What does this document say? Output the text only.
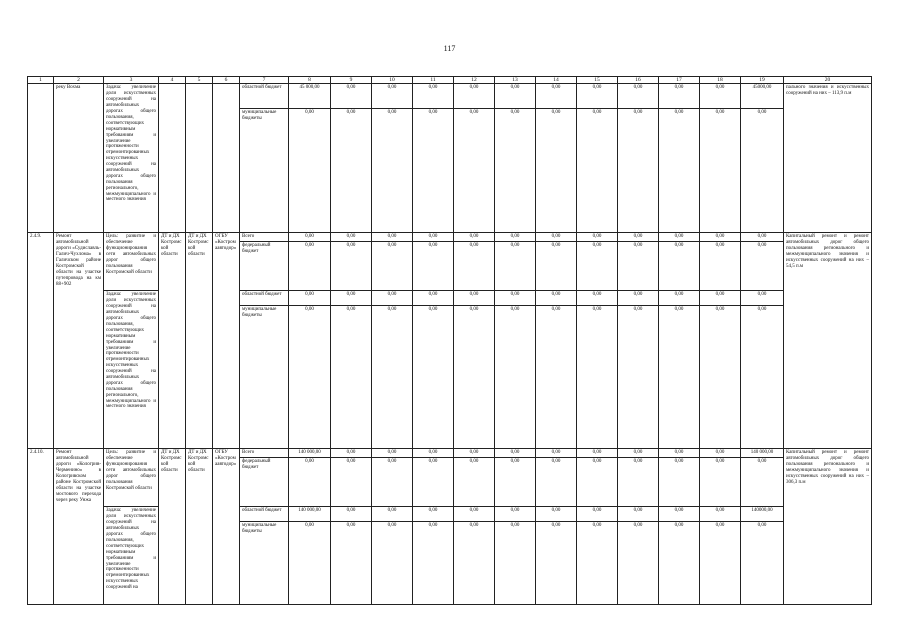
117
1	2	3	4	5	6	7	8	9	10	11	12	13	14	15	16	17	18	19	20
	реку Вохма	Задача: увеличение доли искусственных сооружений на автомобильных дорогах общего пользования, соответствующих нормативным требованиям и увеличение протяженности отремонтированных искусственных сооружений на автомобильных дорогах общего пользования регионального, межмуниципального и местного значения				областной бюджет	45 000,00	0,00	0,00	0,00	0,00	0,00	0,00	0,00	0,00	0,00	0,00	45000,00	пального значения и искусственных сооружений на них – 113,9 п.м
						муниципальные бюджеты	0,00	0,00	0,00	0,00	0,00	0,00	0,00	0,00	0,00	0,00	0,00	0,00	
2.4.9.	Ремонт автомобильной дороги «Судиславль-Галич-Чухлома» в Галичском районе Костромской области на участке путепровода на км 88+902	Цель: развитие и обеспечение функционирования сети автомобильных дорог общего пользования Костромской области	ДТ и ДХ Костромской области	ДТ и ДХ Костромской области	ОГБУ «Костромаавтодор»	Всего	0,00	0,00	0,00	0,00	0,00	0,00	0,00	0,00	0,00	0,00	0,00	0,00	Капитальный ремонт и ремонт автомобильных дорог общего пользования регионального и межмуниципального значения и искусственных сооружений на них – 54,5 п.м
						федеральный бюджет	0,00	0,00	0,00	0,00	0,00	0,00	0,00	0,00	0,00	0,00	0,00	0,00	
		Задача: увеличение доли искусственных сооружений на автомобильных дорогах общего пользования, соответствующих нормативным требованиям и увеличение протяженности отремонтированных искусственных сооружений на автомобильных дорогах общего пользования регионального, межмуниципального и местного значения				областной бюджет	0,00	0,00	0,00	0,00	0,00	0,00	0,00	0,00	0,00	0,00	0,00	0,00	
						муниципальные бюджеты	0,00	0,00	0,00	0,00	0,00	0,00	0,00	0,00	0,00	0,00	0,00	0,00	
2.4.10.	Ремонт автомобильной дороги «Кологрив-Черменино» в Кологривском районе Костромской области на участке мостового перехода через реку Унжа	Цель: развитие и обеспечение функционирования сети автомобильных дорог общего пользования Костромской области	ДТ и ДХ Костромской области	ДТ и ДХ Костромской области	ОГБУ «Костромаавтодор»	Всего	140 000,00	0,00	0,00	0,00	0,00	0,00	0,00	0,00	0,00	0,00	0,00	140 000,00	Капитальный ремонт и ремонт автомобильных дорог общего пользования регионального и межмуниципального значения и искусственных сооружений на них – 306,3 п.м
						федеральный бюджет	0,00	0,00	0,00	0,00	0,00	0,00	0,00	0,00	0,00	0,00	0,00	0,00	
		Задача: увеличение доли искусственных сооружений на автомобильных дорогах общего пользования, соответствующих нормативным требованиям и увеличение протяженности отремонтированных искусственных сооружений на				областной бюджет	140 000,00	0,00	0,00	0,00	0,00	0,00	0,00	0,00	0,00	0,00	0,00	140000,00	
						муниципальные бюджеты	0,00	0,00	0,00	0,00	0,00	0,00	0,00	0,00	0,00	0,00	0,00	0,00	
